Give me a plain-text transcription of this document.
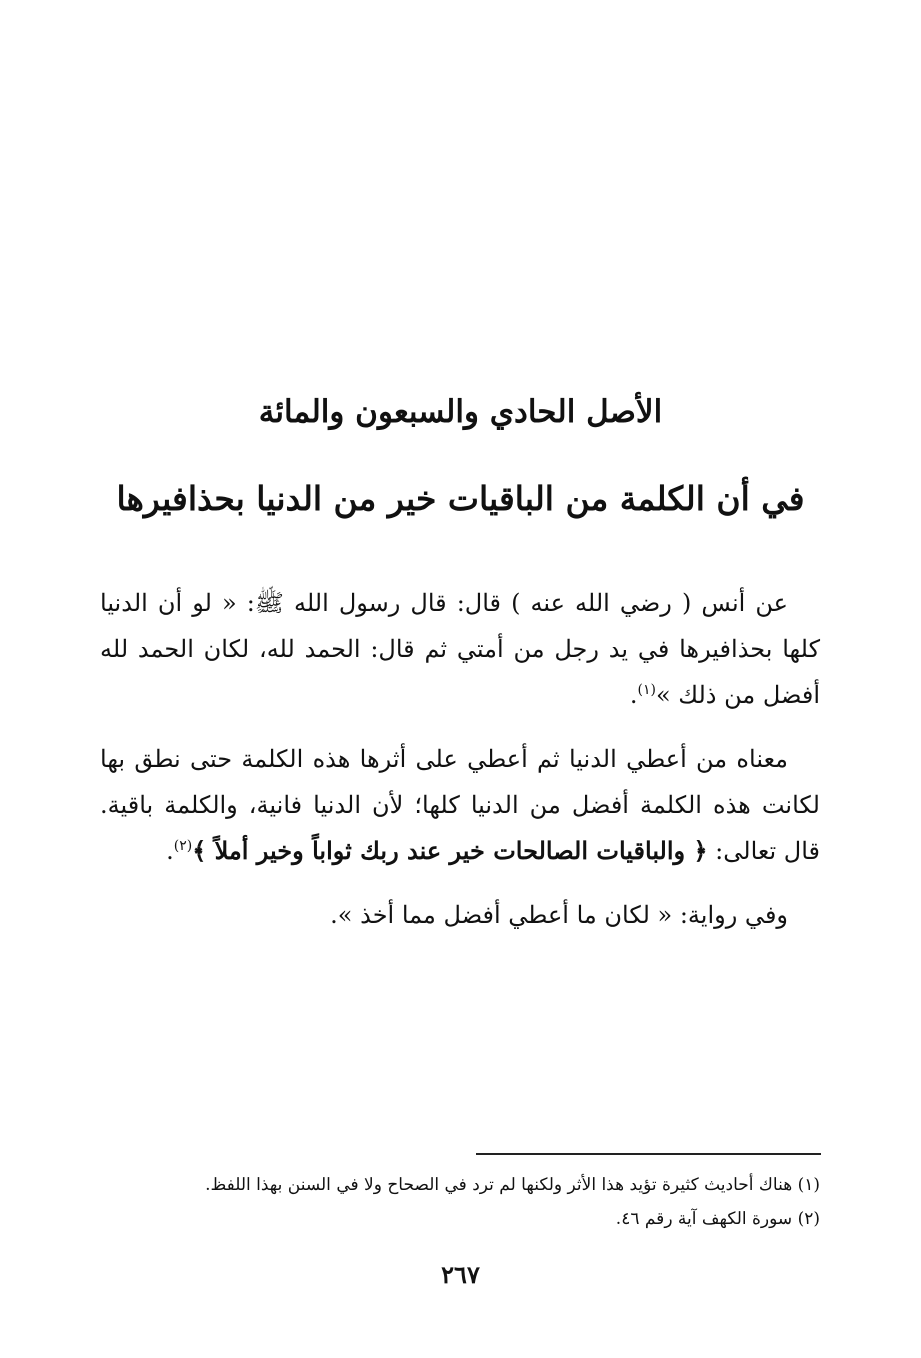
الأصل الحادي والسبعون والمائة
في أن الكلمة من الباقيات خير من الدنيا بحذافيرها

عن أنس ( رضي الله عنه ) قال: قال رسول الله ﷺ: « لو أن الدنيا كلها بحذافيرها في يد رجل من أمتي ثم قال: الحمد لله، لكان الحمد لله أفضل من ذلك »$^{(١)}$.

معناه من أعطي الدنيا ثم أعطي على أثرها هذه الكلمة حتى نطق بها لكانت هذه الكلمة أفضل من الدنيا كلها؛ لأن الدنيا فانية، والكلمة باقية. قال تعالى: ﴿ والباقيات الصالحات خير عند ربك ثواباً وخير أملاً ﴾$^{(٢)}$.

وفي رواية: « لكان ما أعطي أفضل مما أخذ ».

(١) هناك أحاديث كثيرة تؤيد هذا الأثر ولكنها لم ترد في الصحاح ولا في السنن بهذا اللفظ.

(٢) سورة الكهف آية رقم ٤٦.

٢٦٧
